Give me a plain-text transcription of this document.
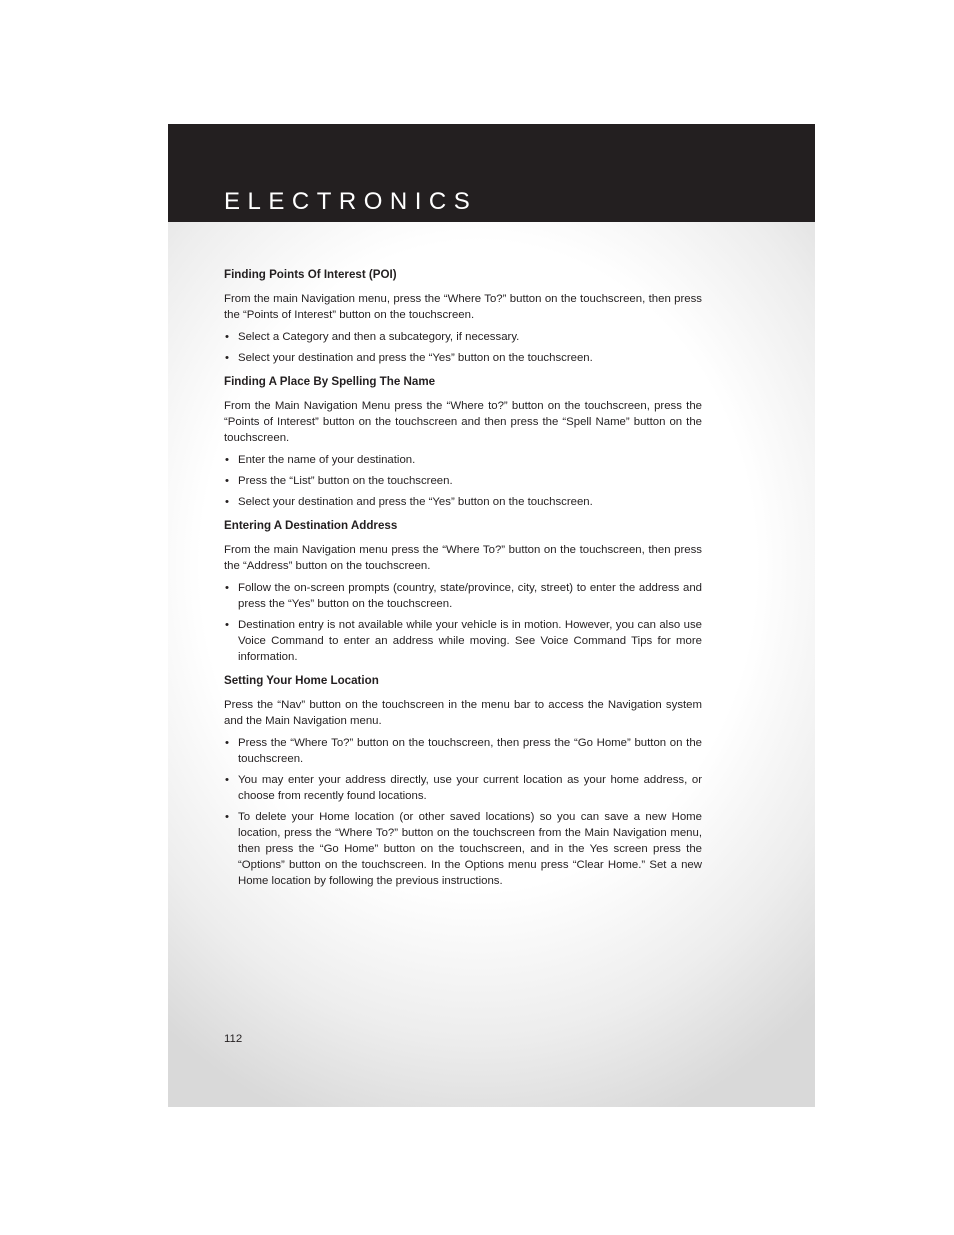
ELECTRONICS
Finding Points Of Interest (POI)

From the main Navigation menu, press the “Where To?” button on the touchscreen, then press the “Points of Interest” button on the touchscreen.

• Select a Category and then a subcategory, if necessary.
• Select your destination and press the “Yes” button on the touchscreen.
Finding A Place By Spelling The Name

From the Main Navigation Menu press the “Where to?” button on the touchscreen, press the “Points of Interest” button on the touchscreen and then press the “Spell Name” button on the touchscreen.

• Enter the name of your destination.
• Press the “List” button on the touchscreen.
• Select your destination and press the “Yes” button on the touchscreen.
Entering A Destination Address

From the main Navigation menu press the “Where To?” button on the touchscreen, then press the “Address” button on the touchscreen.

• Follow the on-screen prompts (country, state/province, city, street) to enter the address and press the “Yes” button on the touchscreen.
• Destination entry is not available while your vehicle is in motion. However, you can also use Voice Command to enter an address while moving. See Voice Command Tips for more information.
Setting Your Home Location

Press the “Nav” button on the touchscreen in the menu bar to access the Navigation system and the Main Navigation menu.

• Press the “Where To?” button on the touchscreen, then press the “Go Home” button on the touchscreen.
• You may enter your address directly, use your current location as your home address, or choose from recently found locations.
• To delete your Home location (or other saved locations) so you can save a new Home location, press the “Where To?” button on the touchscreen from the Main Navigation menu, then press the “Go Home” button on the touchscreen, and in the Yes screen press the “Options” button on the touchscreen. In the Options menu press “Clear Home.” Set a new Home location by following the previous instructions.
112
